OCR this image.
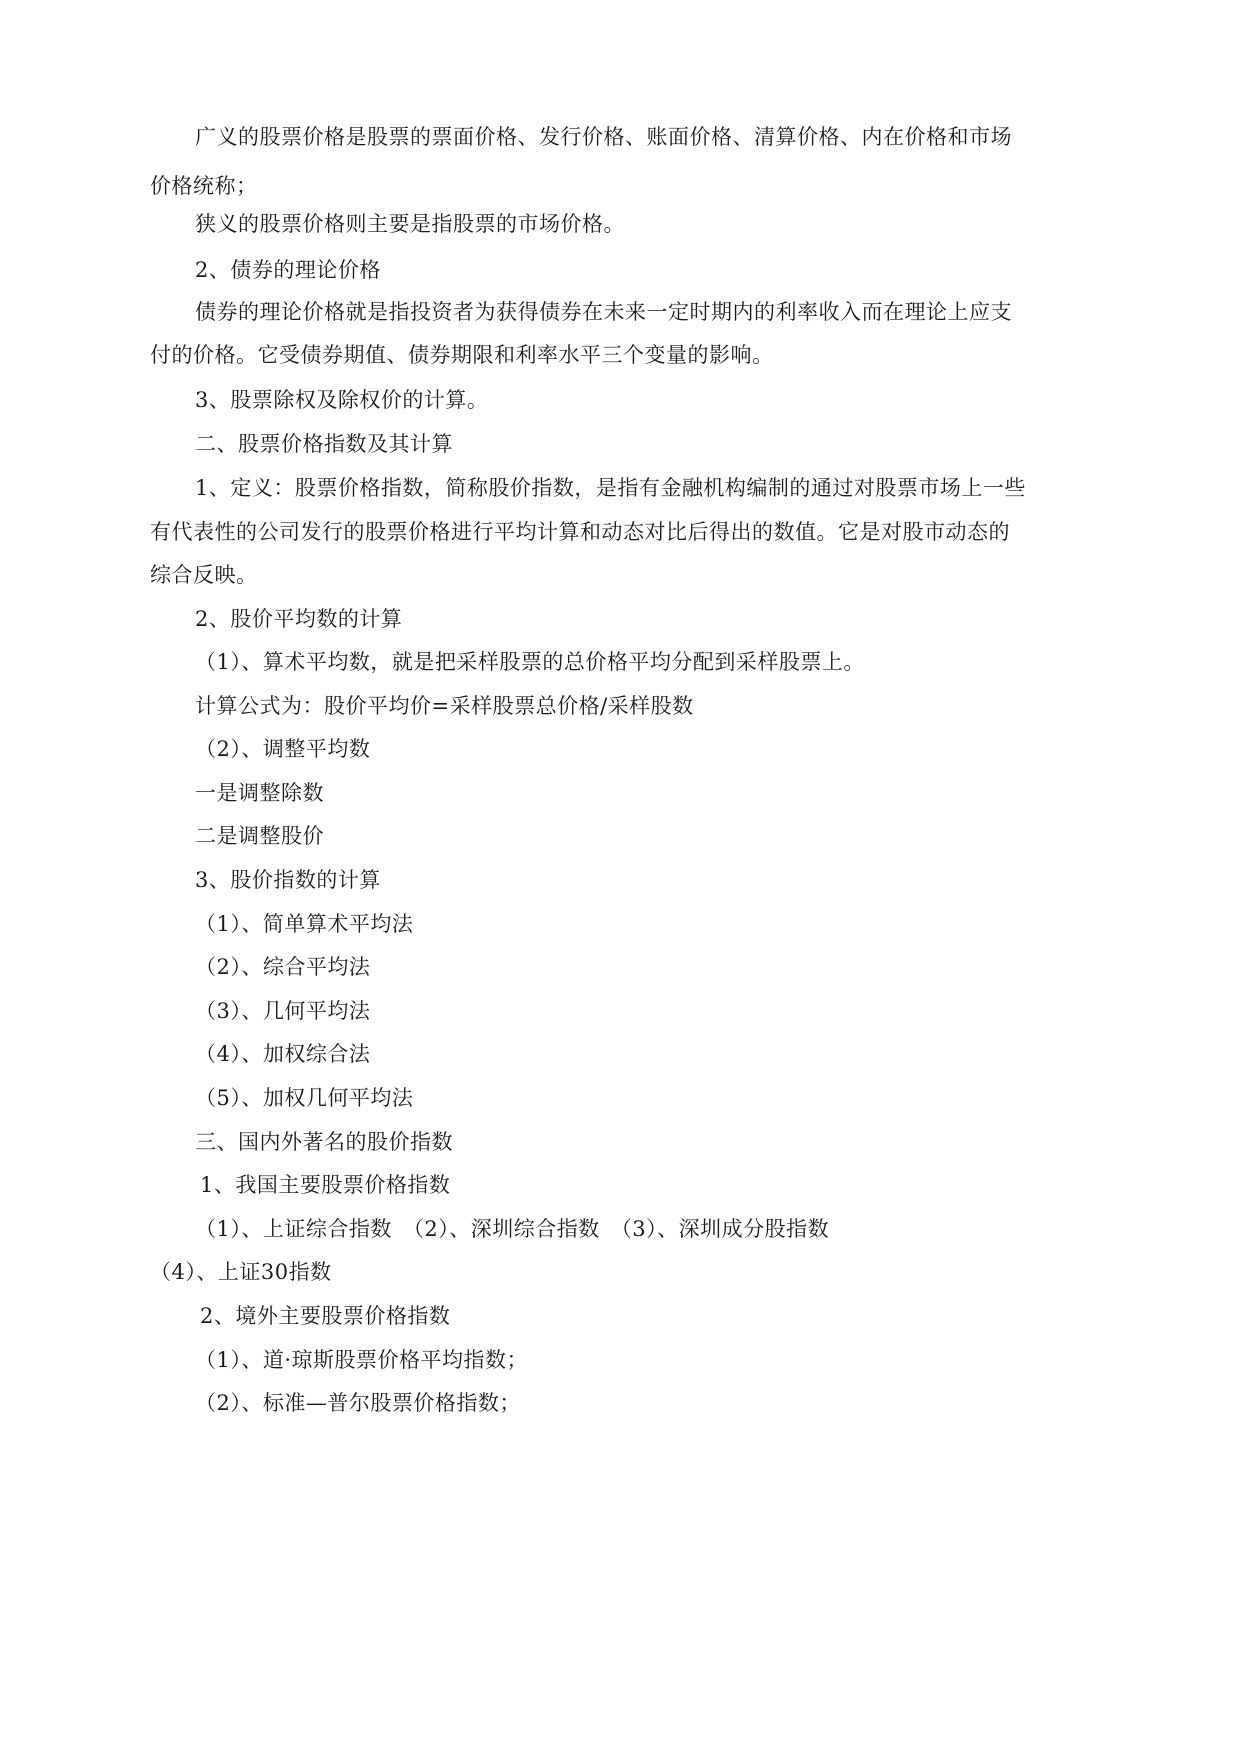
广义的股票价格是股票的票面价格、发行价格、账面价格、清算价格、内在价格和市场
价格统称；
狭义的股票价格则主要是指股票的市场价格。
2、债券的理论价格
债券的理论价格就是指投资者为获得债券在未来一定时期内的利率收入而在理论上应支
付的价格。它受债券期值、债券期限和利率水平三个变量的影响。
3、股票除权及除权价的计算。
二、股票价格指数及其计算
1、定义：股票价格指数，简称股价指数，是指有金融机构编制的通过对股票市场上一些
有代表性的公司发行的股票价格进行平均计算和动态对比后得出的数值。它是对股市动态的
综合反映。
2、股价平均数的计算
（1）、算术平均数，就是把采样股票的总价格平均分配到采样股票上。
计算公式为：股价平均价=采样股票总价格/采样股数
（2）、调整平均数
一是调整除数
二是调整股价
3、股价指数的计算
（1）、简单算术平均法
（2）、综合平均法
（3）、几何平均法
（4）、加权综合法
（5）、加权几何平均法
三、国内外著名的股价指数
1、我国主要股票价格指数
（1）、上证综合指数　（2）、深圳综合指数　（3）、深圳成分股指数
（4）、上证30指数
2、境外主要股票价格指数
（1）、道·琼斯股票价格平均指数；
（2）、标准—普尔股票价格指数；
